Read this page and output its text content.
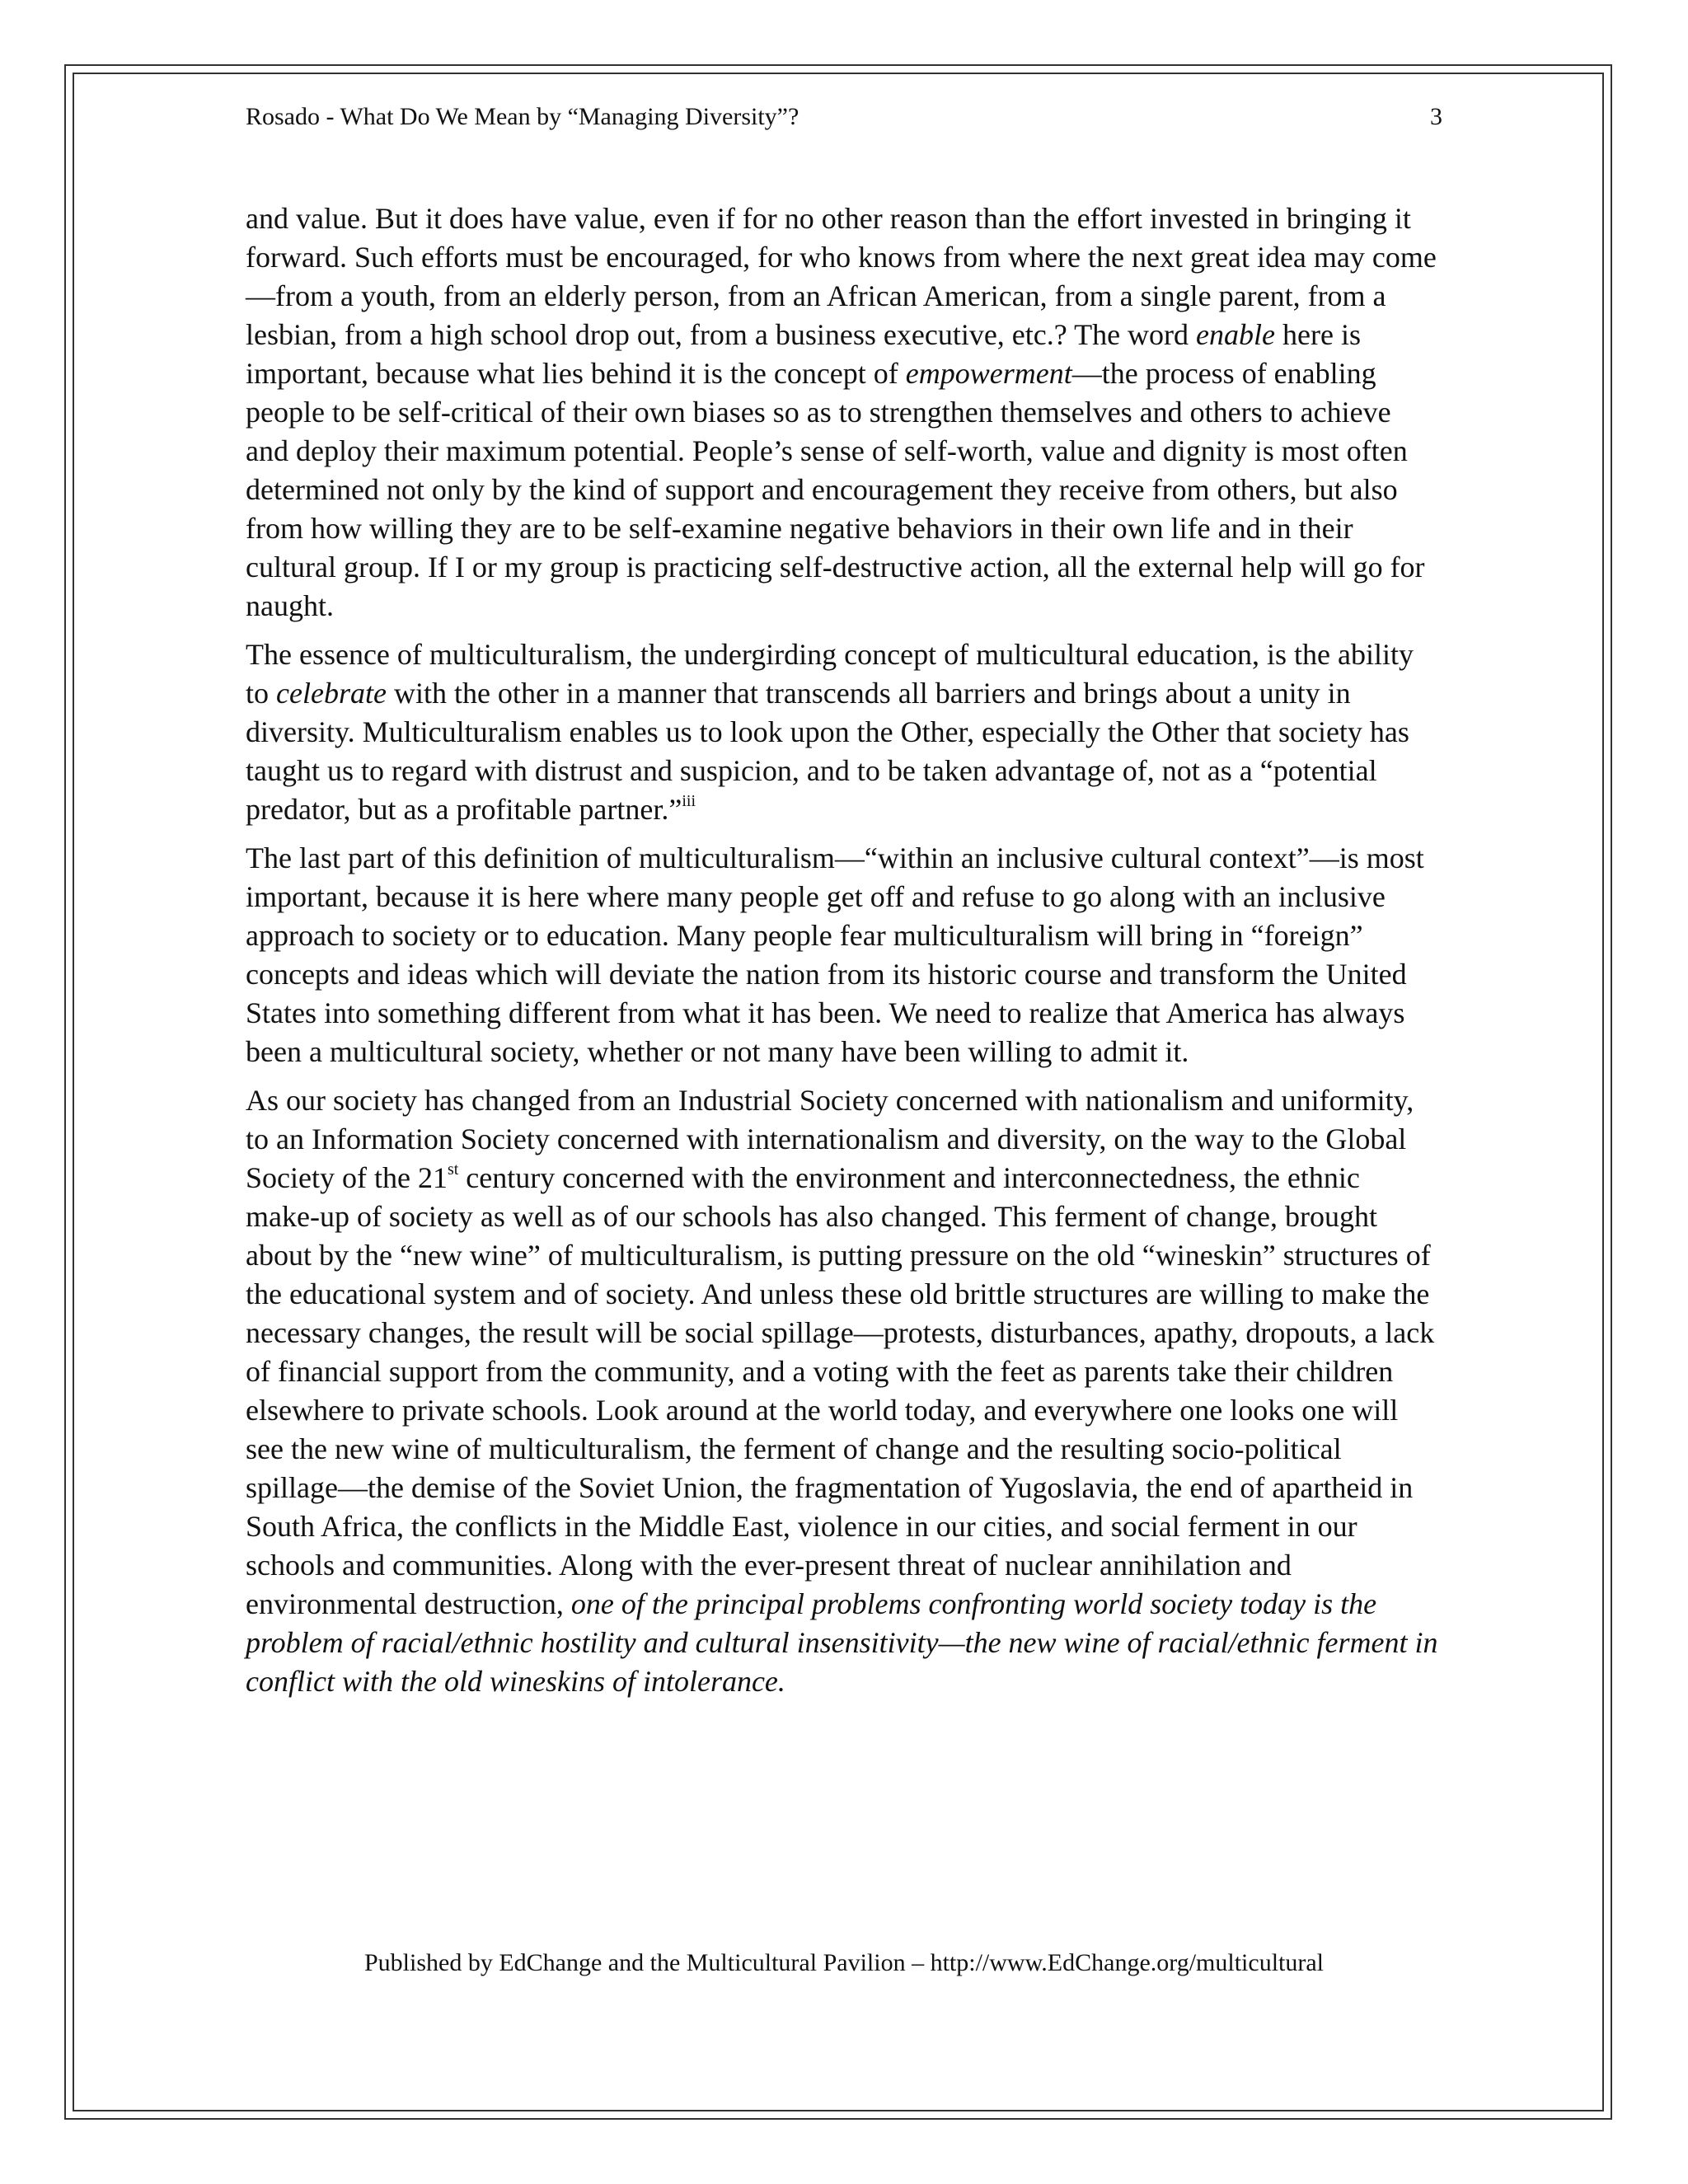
Rosado - What Do We Mean by “Managing Diversity”?	3

and value. But it does have value, even if for no other reason than the effort invested in bringing it forward. Such efforts must be encouraged, for who knows from where the next great idea may come—from a youth, from an elderly person, from an African American, from a single parent, from a lesbian, from a high school drop out, from a business executive, etc.? The word enable here is important, because what lies behind it is the concept of empowerment—the process of enabling people to be self-critical of their own biases so as to strengthen themselves and others to achieve and deploy their maximum potential. People’s sense of self-worth, value and dignity is most often determined not only by the kind of support and encouragement they receive from others, but also from how willing they are to be self-examine negative behaviors in their own life and in their cultural group. If I or my group is practicing self-destructive action, all the external help will go for naught.

The essence of multiculturalism, the undergirding concept of multicultural education, is the ability to celebrate with the other in a manner that transcends all barriers and brings about a unity in diversity. Multiculturalism enables us to look upon the Other, especially the Other that society has taught us to regard with distrust and suspicion, and to be taken advantage of, not as a “potential predator, but as a profitable partner.”$^{iii}$

The last part of this definition of multiculturalism—“within an inclusive cultural context”—is most important, because it is here where many people get off and refuse to go along with an inclusive approach to society or to education. Many people fear multiculturalism will bring in “foreign” concepts and ideas which will deviate the nation from its historic course and transform the United States into something different from what it has been. We need to realize that America has always been a multicultural society, whether or not many have been willing to admit it.

As our society has changed from an Industrial Society concerned with nationalism and uniformity, to an Information Society concerned with internationalism and diversity, on the way to the Global Society of the 21st century concerned with the environment and interconnectedness, the ethnic make-up of society as well as of our schools has also changed. This ferment of change, brought about by the “new wine” of multiculturalism, is putting pressure on the old “wineskin” structures of the educational system and of society. And unless these old brittle structures are willing to make the necessary changes, the result will be social spillage—protests, disturbances, apathy, dropouts, a lack of financial support from the community, and a voting with the feet as parents take their children elsewhere to private schools. Look around at the world today, and everywhere one looks one will see the new wine of multiculturalism, the ferment of change and the resulting socio-political spillage—the demise of the Soviet Union, the fragmentation of Yugoslavia, the end of apartheid in South Africa, the conflicts in the Middle East, violence in our cities, and social ferment in our schools and communities. Along with the ever-present threat of nuclear annihilation and environmental destruction, one of the principal problems confronting world society today is the problem of racial/ethnic hostility and cultural insensitivity—the new wine of racial/ethnic ferment in conflict with the old wineskins of intolerance.

Published by EdChange and the Multicultural Pavilion – http://www.EdChange.org/multicultural
